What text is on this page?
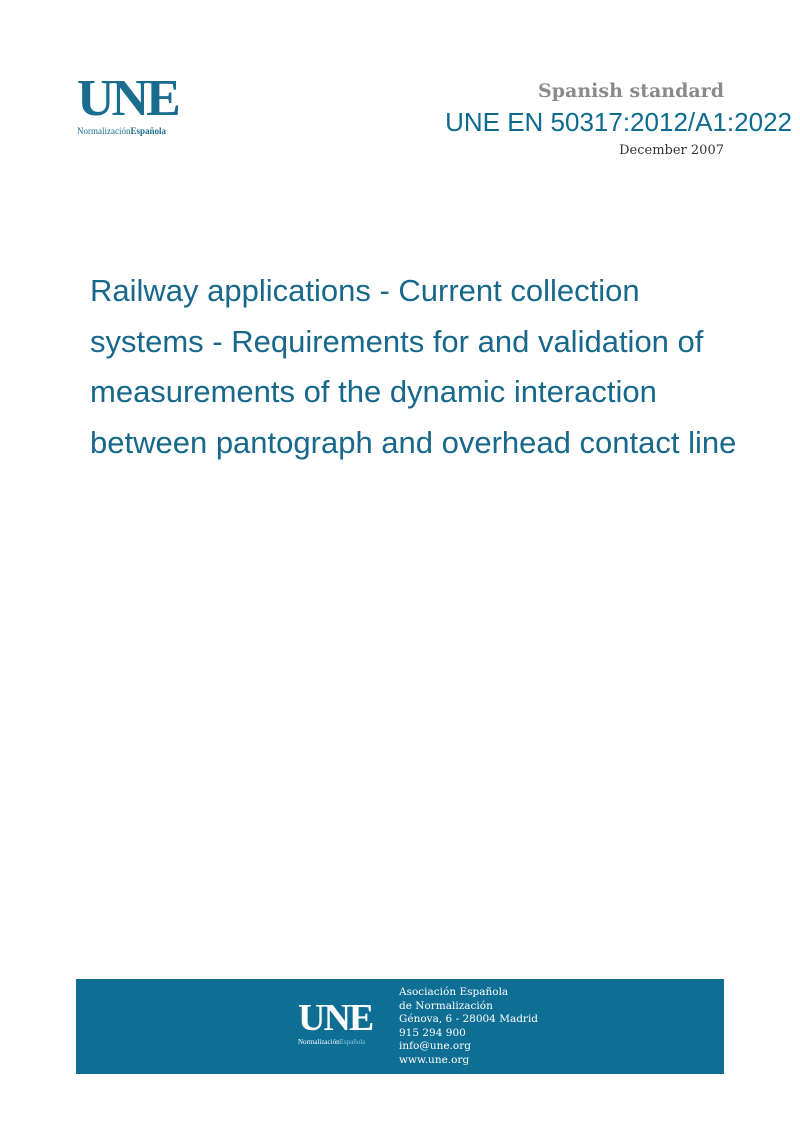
UNE
NormalizaciónEspañola
Spanish standard
UNE EN 50317:2012/A1:2022
December 2007
Railway applications - Current collection systems - Requirements for and validation of measurements of the dynamic interaction between pantograph and overhead contact line
UNE
NormalizaciónEspañola
Asociación Española
de Normalización
Génova, 6 - 28004 Madrid
915 294 900
info@une.org
www.une.org
